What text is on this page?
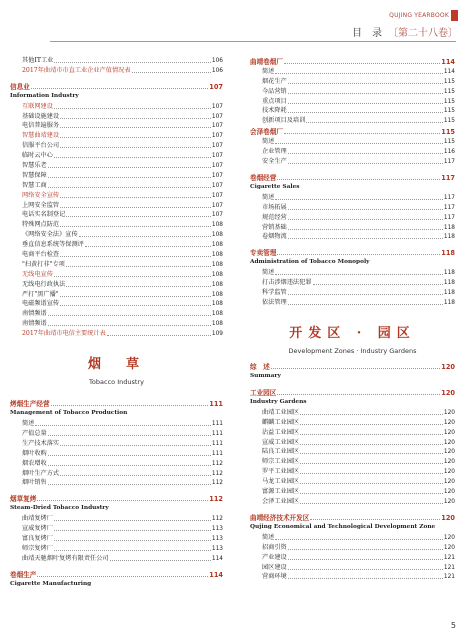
QUJING YEARBOOK
目　录 〔第二十八卷〕
其他IT工业	106
2017年曲靖市市直工业企业产值情况表	106
信息业	107
Information Industry
互联网建设	107
基础设施建设	107
电信普遍服务	107
智慧曲靖建设	107
信服平台公司	107
临时云中心	107
智慧乐老	107
智慧保障	107
智慧工商	107
网络安全宣传	107
上网安全监管	107
电话实名制登记	107
特殊网点防范	108
《网络安全法》宣传	108
垂直信息系统等保测评	108
电商平台检查	108
"扫黄打非"专项	108
无线电宣传	108
无线电行政执法	108
严打"黑广播"	108
电磁频谱宣传	108
南情频谱	108
南情频谱	108
2017年曲靖市电信主要统计表	109
烟　草
Tobacco Industry
烤烟生产经营	111
Management of Tobacco Production
简述	111
产值总量	111
生产技术落实	111
烟叶收购	111
烟农增收	112
烟叶生产方式	112
烟叶销售	112
烟草复烤	112
Steam-Dried Tobacco Industry
曲靖复烤厂	112
宣威复烤厂	113
富良复烤厂	113
师宗复烤厂	113
曲靖天驰烟叶复烤有限责任公司	114
卷烟生产	114
Cigarette Manufacturing
曲靖卷烟厂	114
简述	114
烟花生产	115
今品营销	115
重点项目	115
技术降耗	115
创新项目及培训	115
会泽卷烟厂	115
简述	115
企业管理	116
安全生产	117
卷烟经营	117
Cigarette Sales
简述	117
市场拓展	117
规范经营	117
营销基础	118
卷烟物流	118
专卖管理	118
Administration of Tobacco Monopoly
简述	118
打击涉烟违法犯罪	118
科学监管	118
依法管理	118
开发区 · 园区
Development Zones · Industry Gardens
综　述	120
Summary
工业园区	120
Industry Gardens
曲靖工业园区	120
麒麟工业园区	120
沾益工业园区	120
宣威工业园区	120
陆良工业园区	120
师宗工业园区	120
罗平工业园区	120
马龙工业园区	120
富源工业园区	120
会泽工业园区	120
曲靖经济技术开发区	120
Qujing Economical and Technological Development Zone
简述	120
招商引资	120
产业建设	121
园区建设	121
营商环境	121
5
